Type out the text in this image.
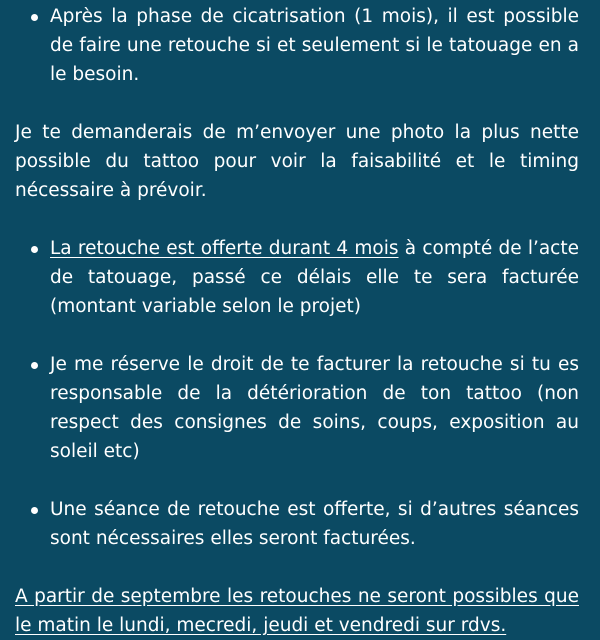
Après la phase de cicatrisation (1 mois), il est possible de faire une retouche si et seulement si le tatouage en a le besoin.

Je te demanderais de m’envoyer une photo la plus nette possible du tattoo pour voir la faisabilité et le timing nécessaire à prévoir.

La retouche est offerte durant 4 mois à compté de l’acte de tatouage, passé ce délais elle te sera facturée (montant variable selon le projet)

Je me réserve le droit de te facturer la retouche si tu es responsable de la détérioration de ton tattoo (non respect des consignes de soins, coups, exposition au soleil etc)

Une séance de retouche est offerte, si d’autres séances sont nécessaires elles seront facturées.

A partir de septembre les retouches ne seront possibles que le matin le lundi, mecredi, jeudi et vendredi sur rdvs.
